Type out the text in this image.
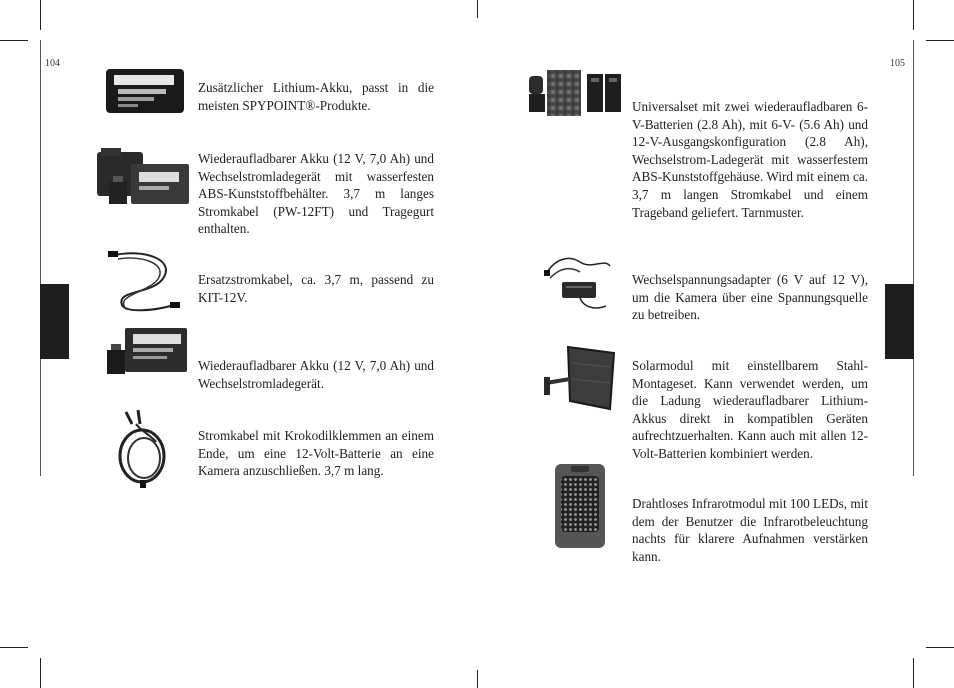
104	105
Zusätzlicher Lithium-Akku, passt in die meisten SPYPOINT®-Produkte.
Wiederaufladbarer Akku (12 V, 7,0 Ah) und Wechselstromladegerät mit wasserfesten ABS-Kunststoffbehälter. 3,7 m langes Stromkabel (PW-12FT) und Tragegurt enthalten.
Ersatzstromkabel, ca. 3,7 m, passend zu KIT-12V.
Wiederaufladbarer Akku (12 V, 7,0 Ah) und Wechselstromladegerät.
Stromkabel mit Krokodilklemmen an einem Ende, um eine 12-Volt-Batterie an eine Kamera anzuschließen. 3,7 m lang.
Universalset mit zwei wiederaufladbaren 6-V-Batterien (2.8 Ah), mit 6-V- (5.6 Ah) und 12-V-Ausgangskonfiguration (2.8 Ah), Wechselstrom-Ladegerät mit wasserfestem ABS-Kunststoffgehäuse. Wird mit einem ca. 3,7 m langen Stromkabel und einem Trageband geliefert. Tarnmuster.
Wechselspannungsadapter (6 V auf 12 V), um die Kamera über eine Spannungsquelle zu betreiben.
Solarmodul mit einstellbarem Stahl-Montageset. Kann verwendet werden, um die Ladung wiederaufladbarer Lithium-Akkus direkt in kompatiblen Geräten aufrechtzuerhalten. Kann auch mit allen 12-Volt-Batterien kombiniert werden.
Drahtloses Infrarotmodul mit 100 LEDs, mit dem der Benutzer die Infrarotbeleuchtung nachts für klarere Aufnahmen verstärken kann.
